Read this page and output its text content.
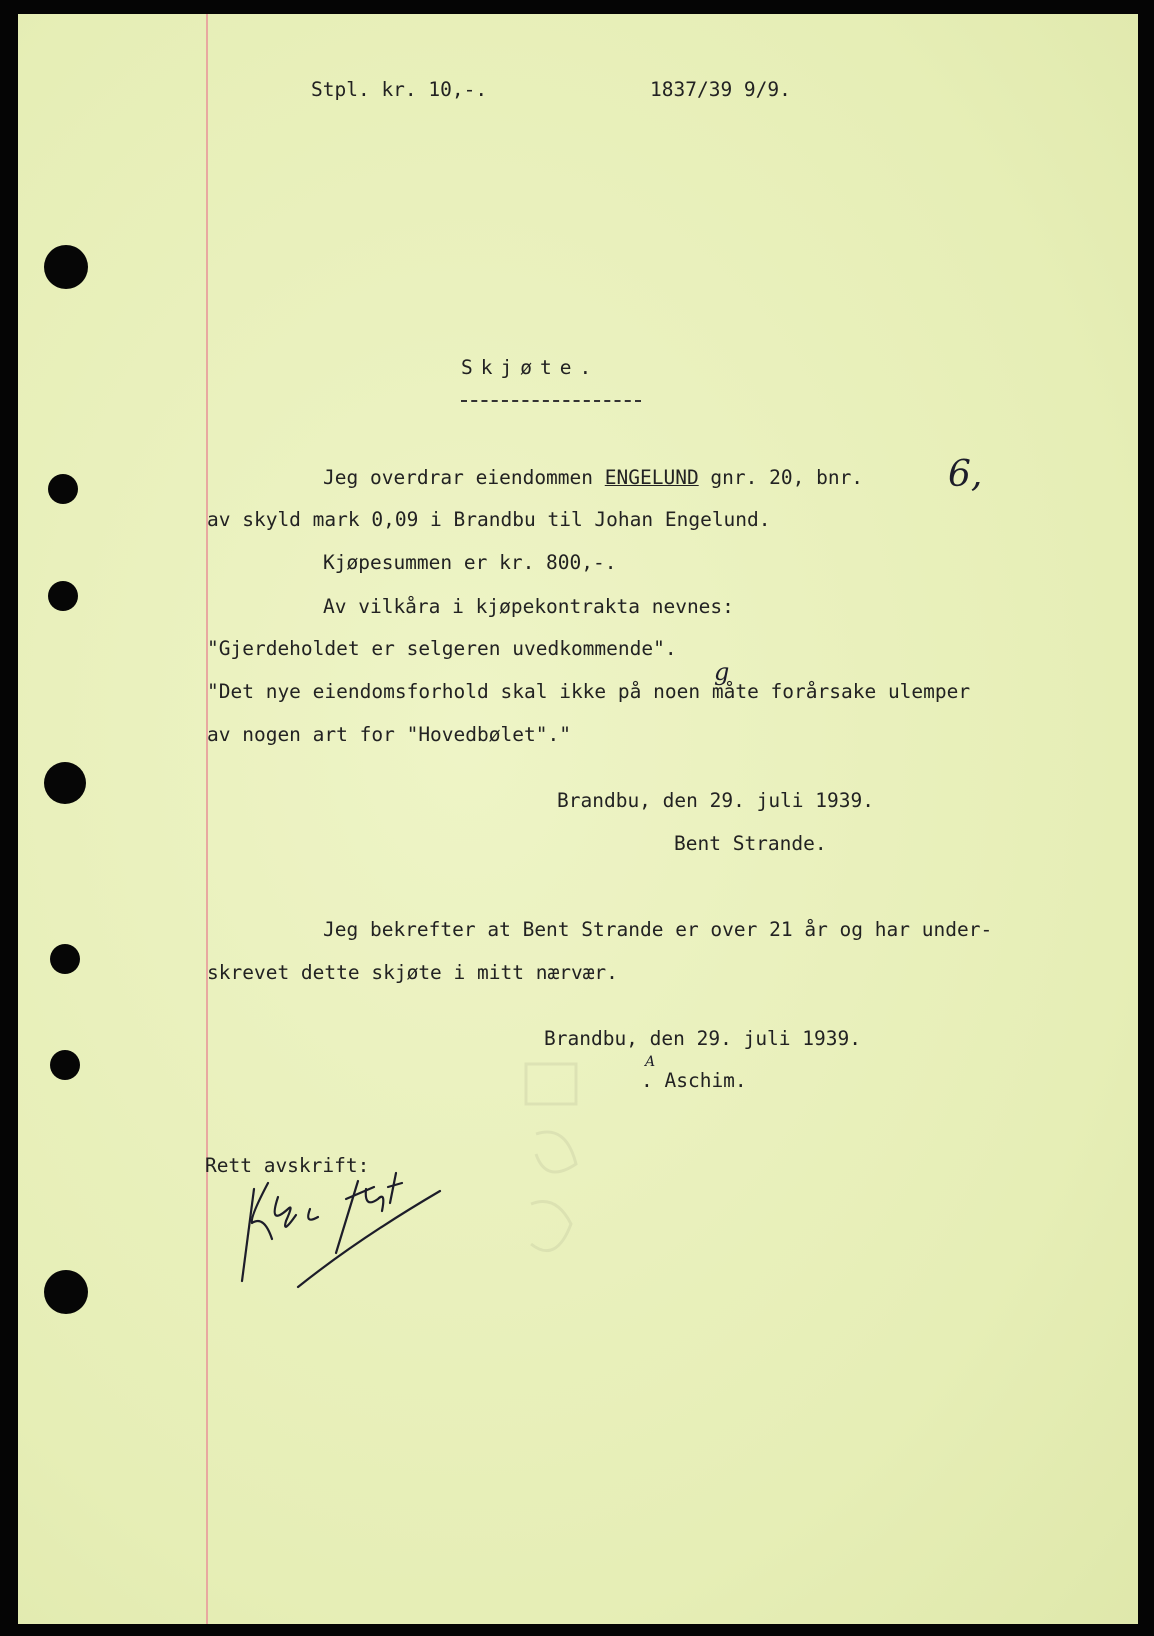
Stpl. kr. 10,-.	1837/39 9/9.
Skjøte.
Jeg overdrar eiendommen ENGELUND gnr. 20, bnr. 6,
av skyld mark 0,09 i Brandbu til Johan Engelund.
Kjøpesummen er kr. 800,-.
Av vilkåra i kjøpekontrakta nevnes:
"Gjerdeholdet er selgeren uvedkommende".
"Det nye eiendomsforhold skal ikke på noen måte forårsake ulemper
g
av nogen art for "Hovedbølet"."
Brandbu, den 29. juli 1939.
Bent Strande.
Jeg bekrefter at Bent Strande er over 21 år og har under-
skrevet dette skjøte i mitt nærvær.
Brandbu, den 29. juli 1939.
A
. Aschim.
Rett avskrift:
Kfr. Sk. F.
